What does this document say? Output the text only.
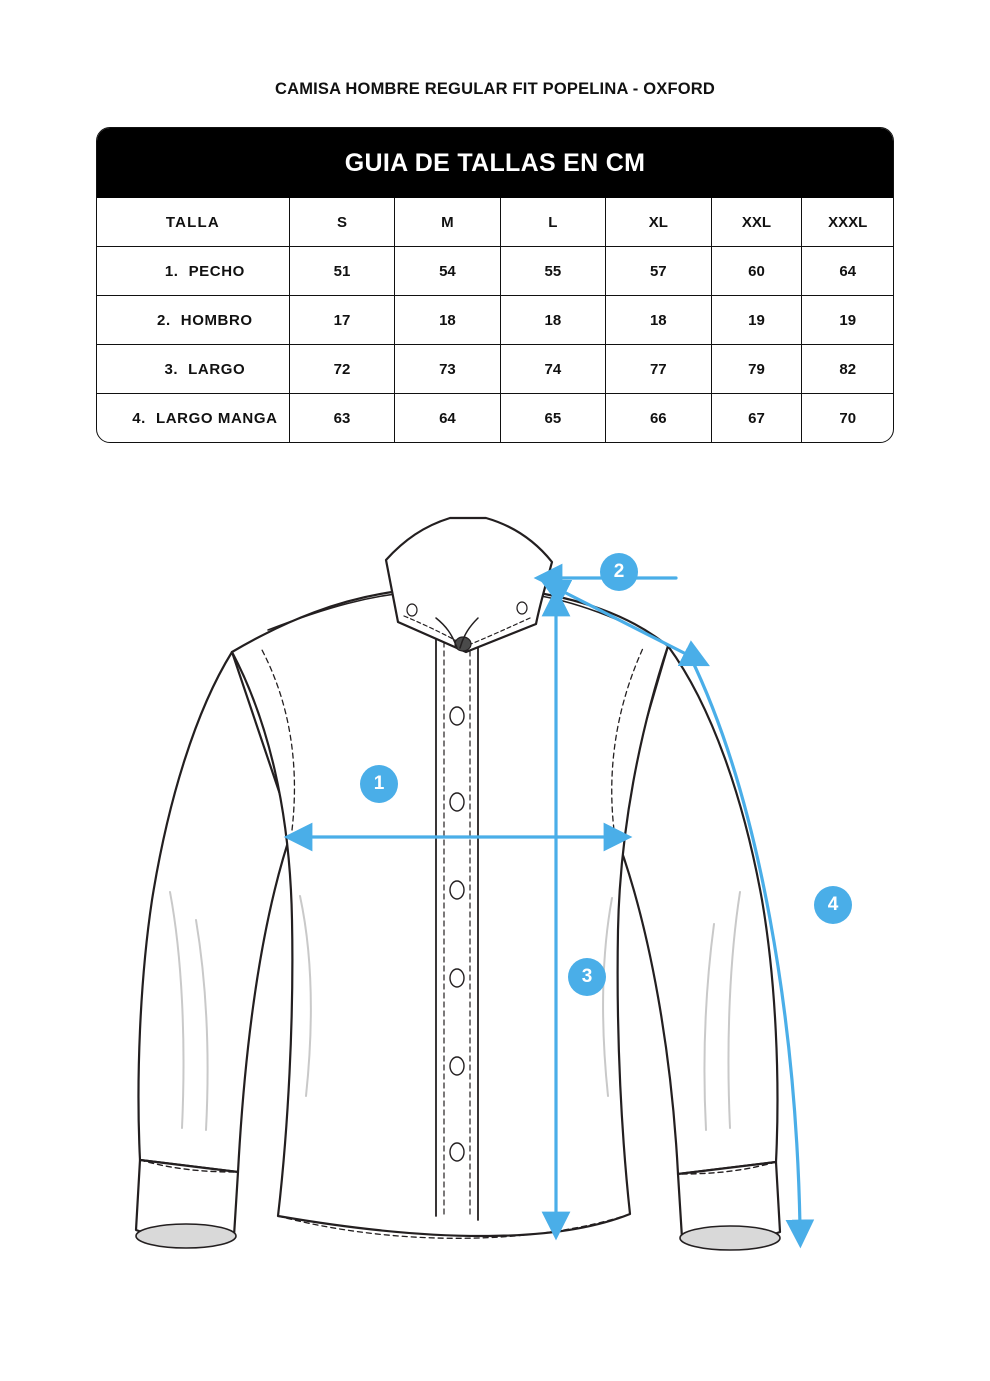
CAMISA HOMBRE REGULAR FIT POPELINA - OXFORD
GUIA DE TALLAS EN CM
TALLA	S	M	L	XL	XXL	XXXL
1. PECHO	51	54	55	57	60	64
2. HOMBRO	17	18	18	18	19	19
3. LARGO	72	73	74	77	79	82
4. LARGO MANGA	63	64	65	66	67	70
1
2
3
4
